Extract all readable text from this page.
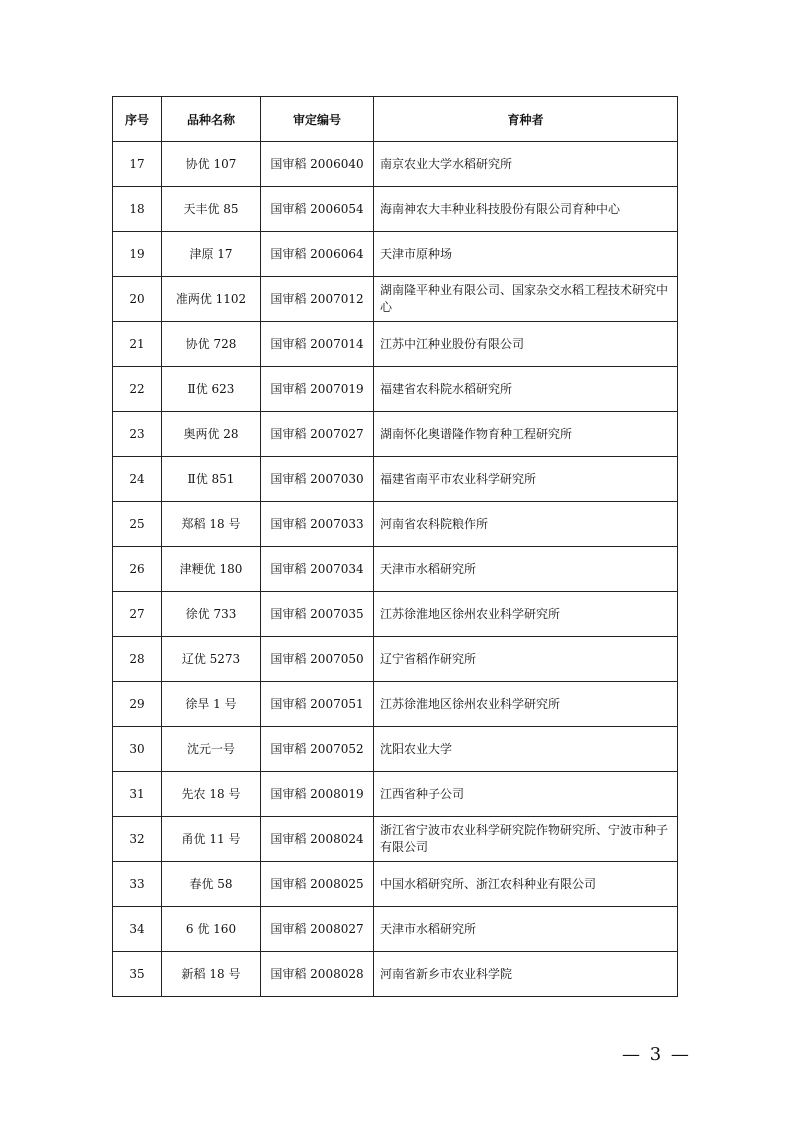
序号	品种名称	审定编号	育种者
17	协优 107	国审稻 2006040	南京农业大学水稻研究所
18	天丰优 85	国审稻 2006054	海南神农大丰种业科技股份有限公司育种中心
19	津原 17	国审稻 2006064	天津市原种场
20	准两优 1102	国审稻 2007012	湖南隆平种业有限公司、国家杂交水稻工程技术研究中心
21	协优 728	国审稻 2007014	江苏中江种业股份有限公司
22	Ⅱ优 623	国审稻 2007019	福建省农科院水稻研究所
23	奥两优 28	国审稻 2007027	湖南怀化奥谱隆作物育种工程研究所
24	Ⅱ优 851	国审稻 2007030	福建省南平市农业科学研究所
25	郑稻 18 号	国审稻 2007033	河南省农科院粮作所
26	津粳优 180	国审稻 2007034	天津市水稻研究所
27	徐优 733	国审稻 2007035	江苏徐淮地区徐州农业科学研究所
28	辽优 5273	国审稻 2007050	辽宁省稻作研究所
29	徐旱 1 号	国审稻 2007051	江苏徐淮地区徐州农业科学研究所
30	沈元一号	国审稻 2007052	沈阳农业大学
31	先农 18 号	国审稻 2008019	江西省种子公司
32	甬优 11 号	国审稻 2008024	浙江省宁波市农业科学研究院作物研究所、宁波市种子有限公司
33	春优 58	国审稻 2008025	中国水稻研究所、浙江农科种业有限公司
34	6 优 160	国审稻 2008027	天津市水稻研究所
35	新稻 18 号	国审稻 2008028	河南省新乡市农业科学院
— 3 —
